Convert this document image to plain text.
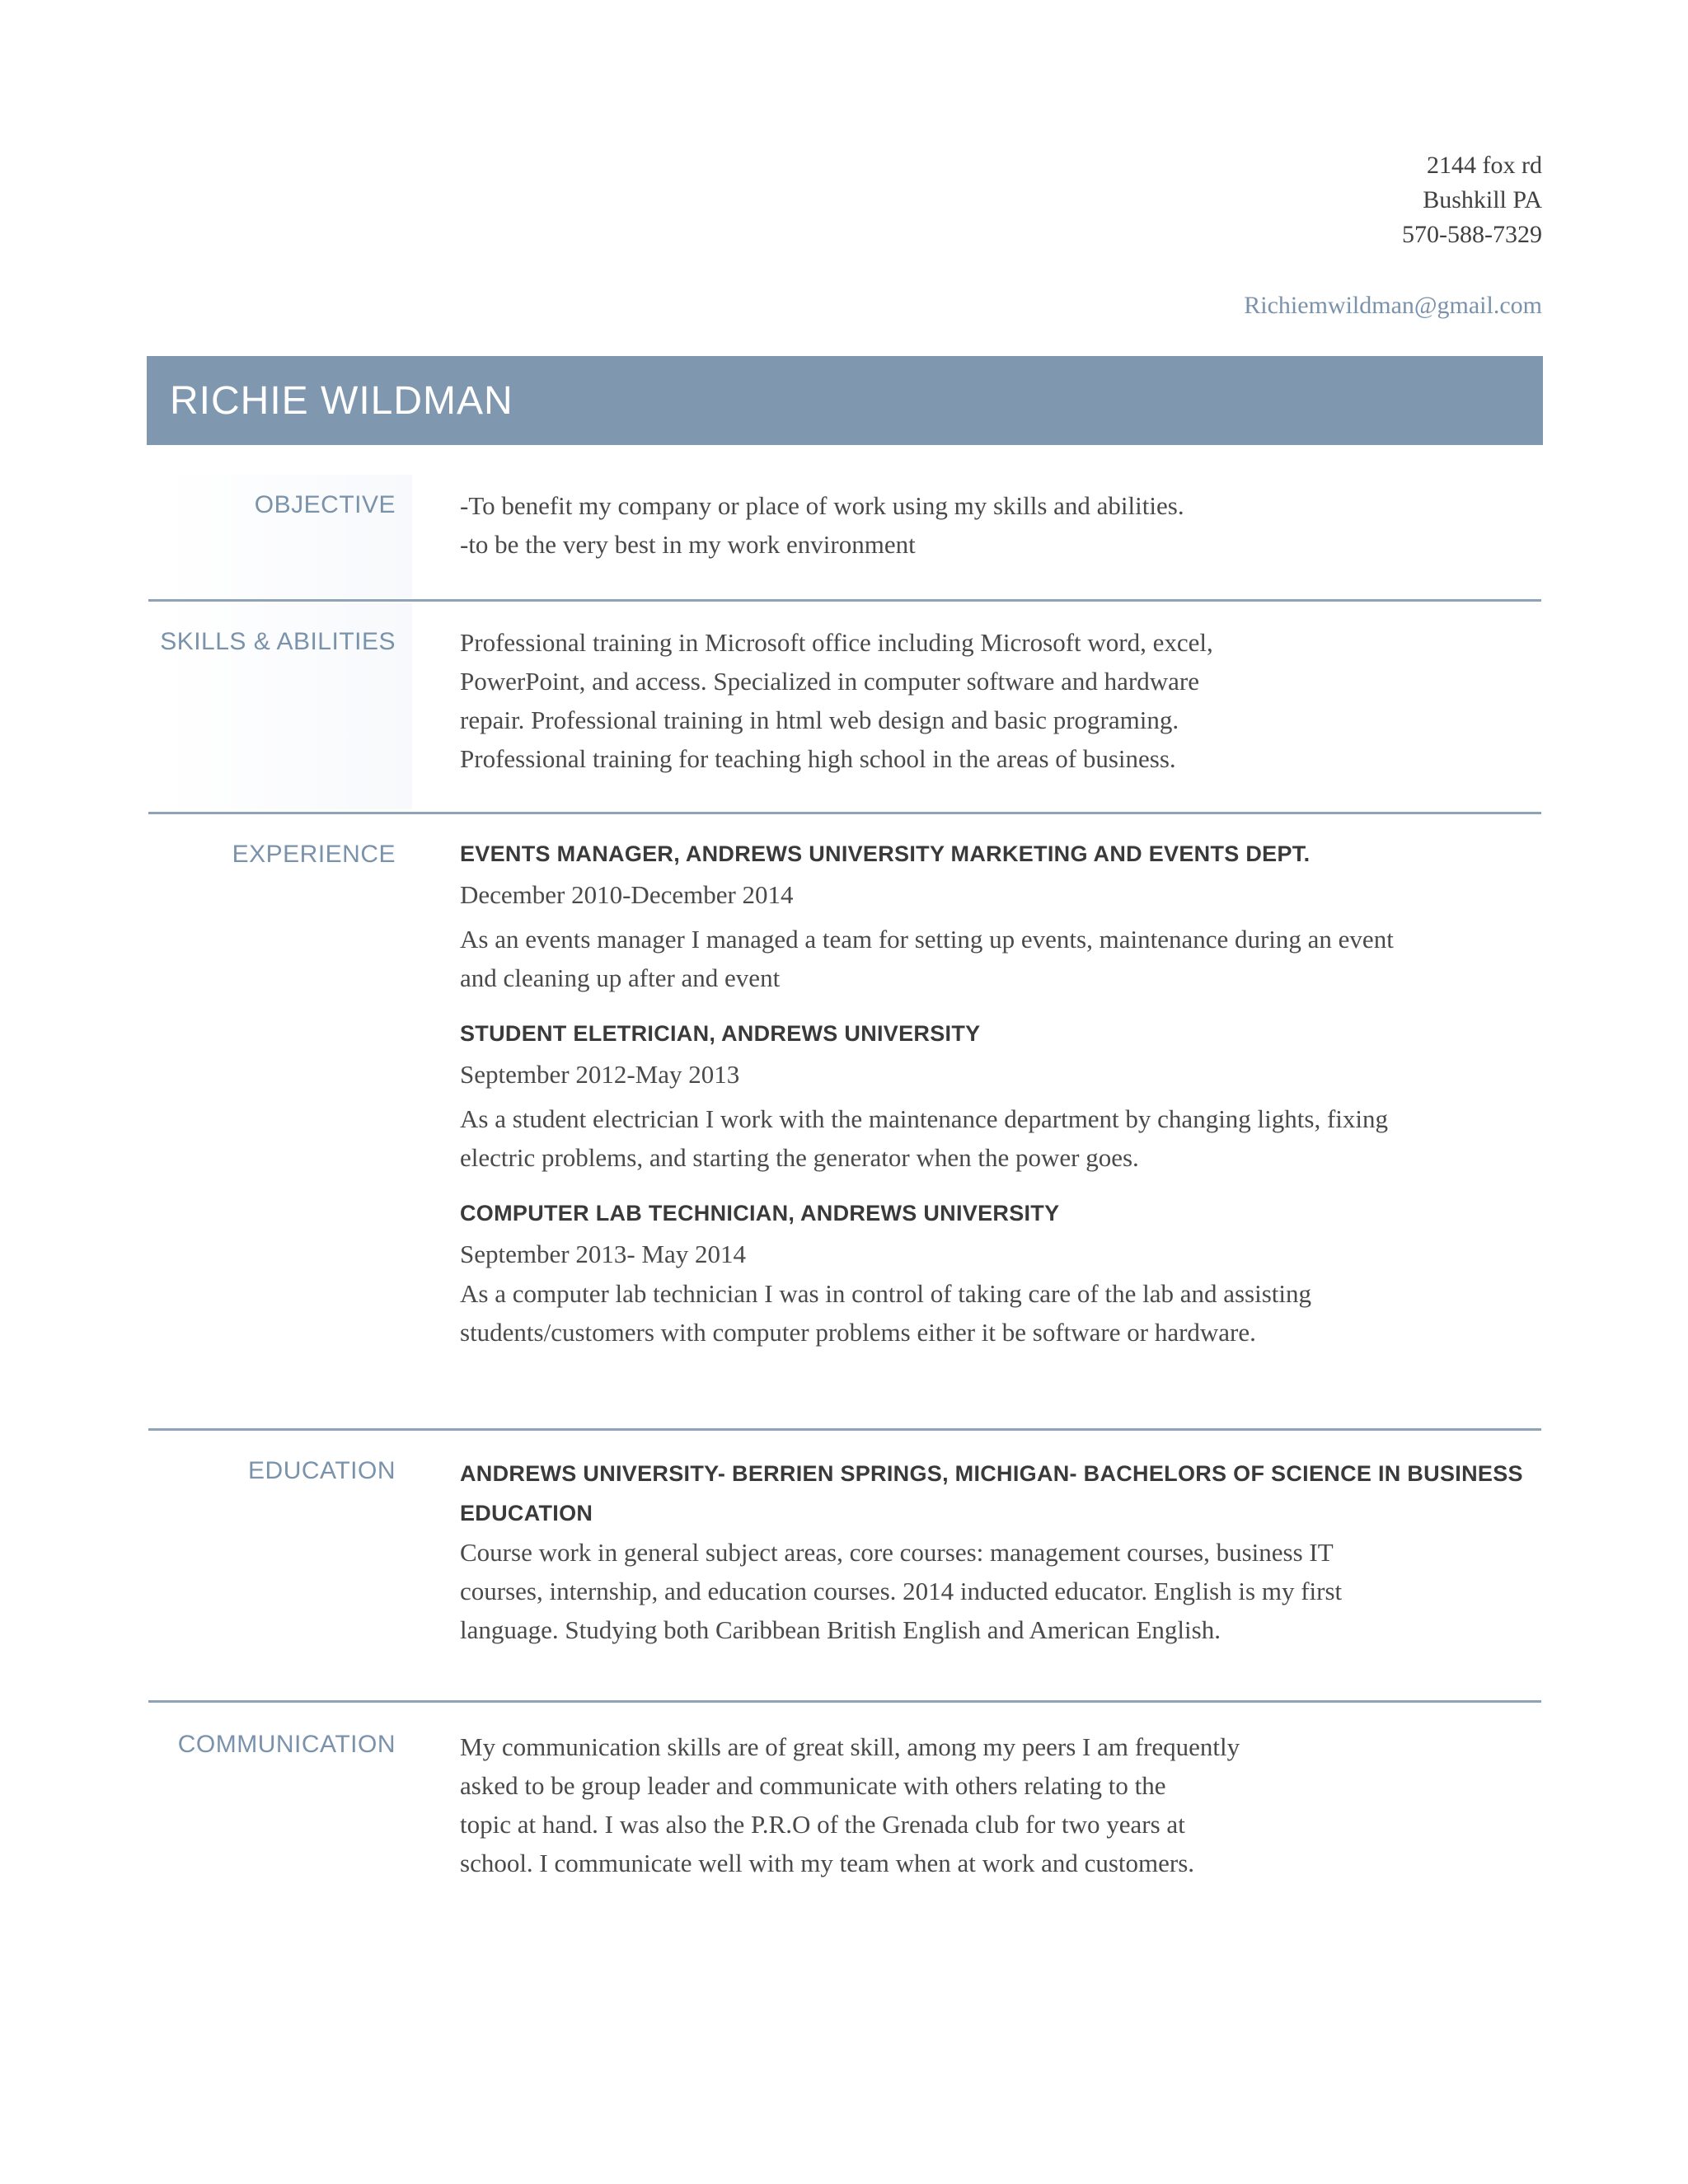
2144 fox rd
Bushkill PA
570-588-7329
Richiemwildman@gmail.com
RICHIE WILDMAN
OBJECTIVE	-To benefit my company or place of work using my skills and abilities.

-to be the very best in my work environment

SKILLS & ABILITIES	Professional training in Microsoft office including Microsoft word, excel,

PowerPoint, and access. Specialized in computer software and hardware

repair. Professional training in html web design and basic programing.

Professional training for teaching high school in the areas of business.

EXPERIENCE	EVENTS MANAGER, ANDREWS UNIVERSITY MARKETING AND EVENTS DEPT.
December 2010-December 2014

As an events manager I managed a team for setting up events, maintenance during an event

and cleaning up after and event

STUDENT ELETRICIAN, ANDREWS UNIVERSITY
September 2012-May 2013

As a student electrician I work with the maintenance department by changing lights, fixing

electric problems, and starting the generator when the power goes.

COMPUTER LAB TECHNICIAN, ANDREWS UNIVERSITY
September 2013- May 2014

As a computer lab technician I was in control of taking care of the lab and assisting

students/customers with computer problems either it be software or hardware.

EDUCATION	ANDREWS UNIVERSITY- BERRIEN SPRINGS, MICHIGAN- BACHELORS OF SCIENCE IN BUSINESS
EDUCATION

Course work in general subject areas, core courses: management courses, business IT

courses, internship, and education courses. 2014 inducted educator. English is my first

language. Studying both Caribbean British English and American English.

COMMUNICATION	My communication skills are of great skill, among my peers I am frequently

asked to be group leader and communicate with others relating to the

topic at hand. I was also the P.R.O of the Grenada club for two years at

school. I communicate well with my team when at work and customers.
